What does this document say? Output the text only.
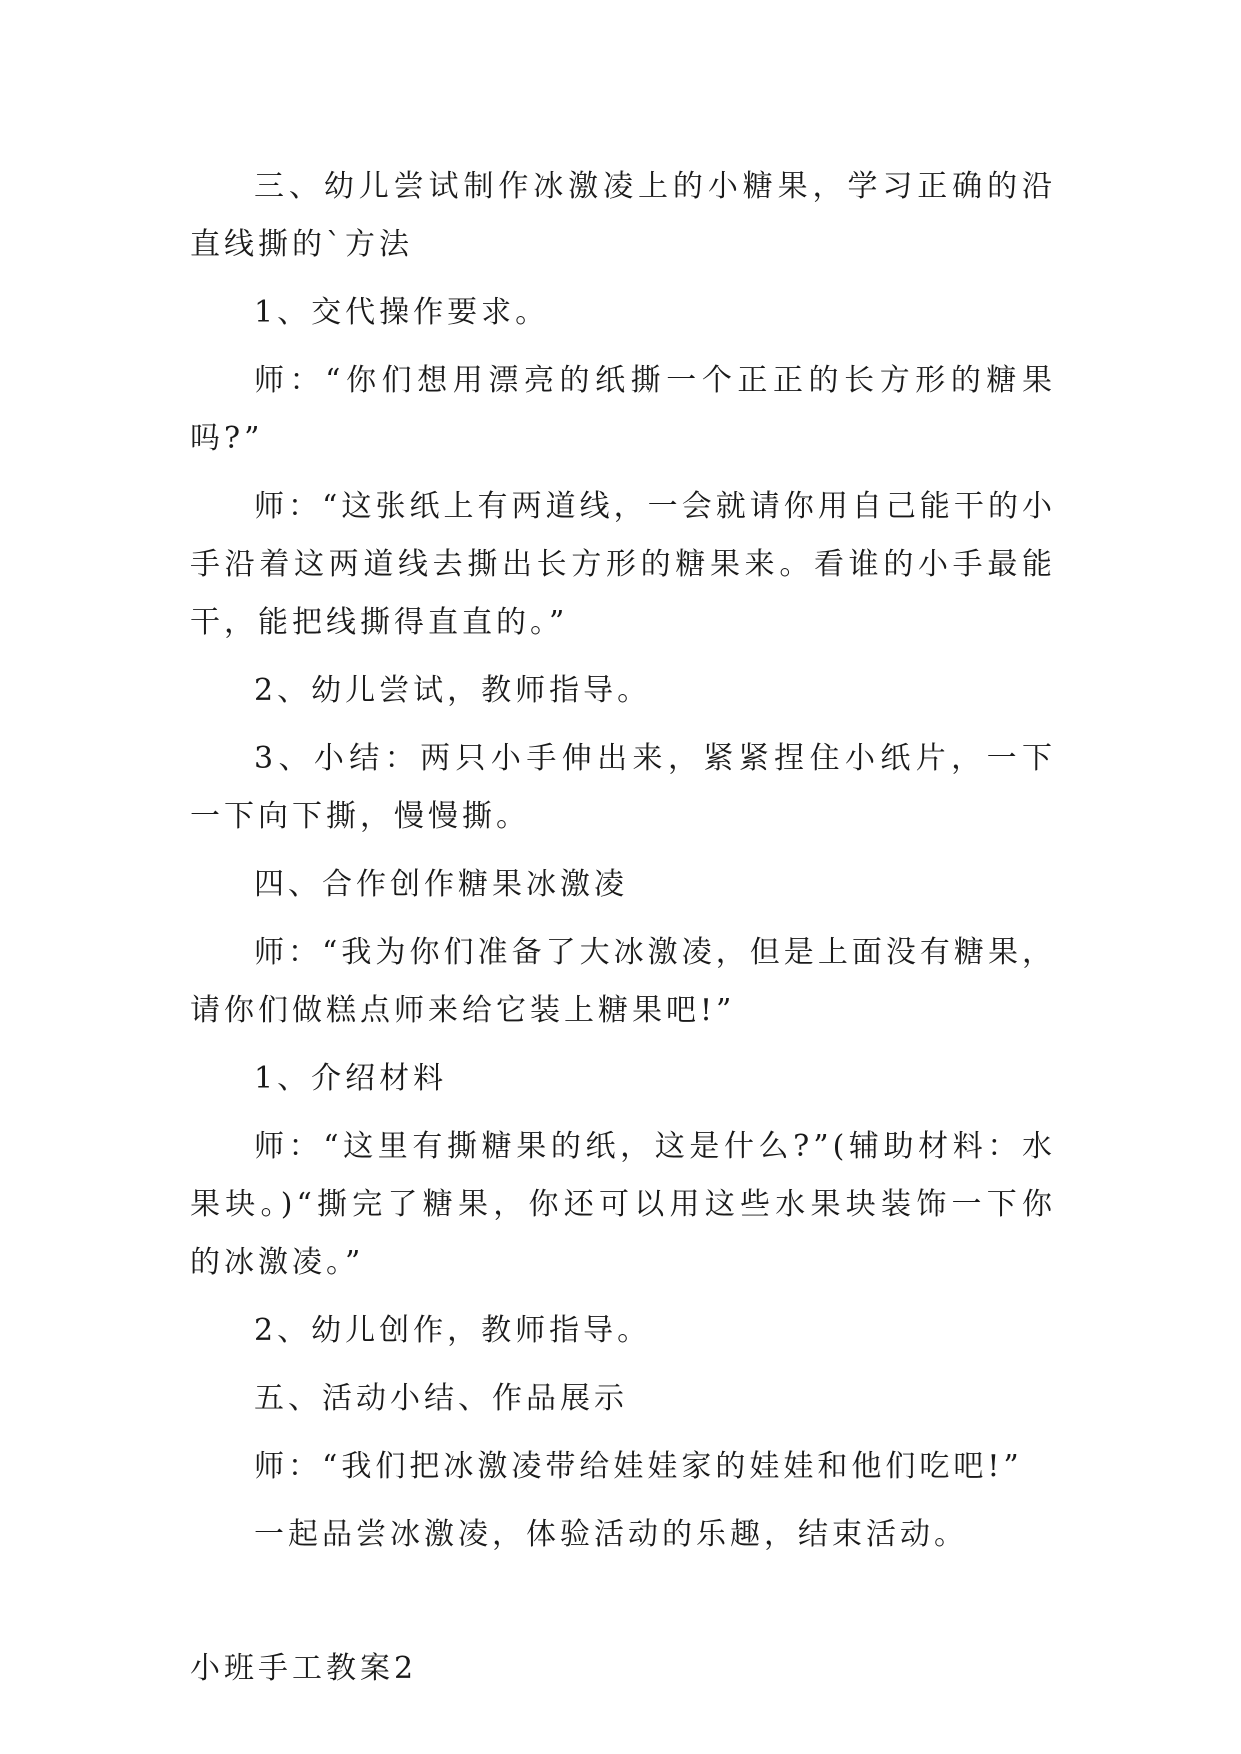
三、幼儿尝试制作冰激凌上的小糖果，学习正确的沿直线撕的`方法

1、交代操作要求。

师：“你们想用漂亮的纸撕一个正正的长方形的糖果吗?”

师：“这张纸上有两道线，一会就请你用自己能干的小手沿着这两道线去撕出长方形的糖果来。看谁的小手最能干，能把线撕得直直的。”

2、幼儿尝试，教师指导。

3、小结：两只小手伸出来，紧紧捏住小纸片，一下一下向下撕，慢慢撕。

四、合作创作糖果冰激凌

师：“我为你们准备了大冰激凌，但是上面没有糖果，请你们做糕点师来给它装上糖果吧!”

1、介绍材料

师：“这里有撕糖果的纸，这是什么?”(辅助材料：水果块。)“撕完了糖果，你还可以用这些水果块装饰一下你的冰激凌。”

2、幼儿创作，教师指导。

五、活动小结、作品展示

师：“我们把冰激凌带给娃娃家的娃娃和他们吃吧!”

一起品尝冰激凌，体验活动的乐趣，结束活动。

小班手工教案2
